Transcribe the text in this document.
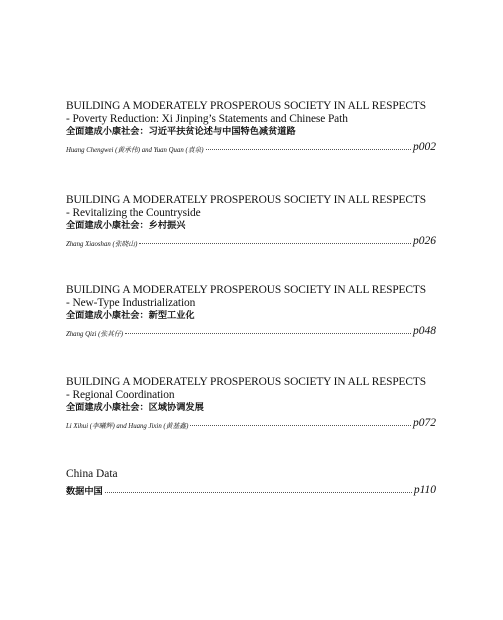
BUILDING A MODERATELY PROSPEROUS SOCIETY IN ALL RESPECTS
- Poverty Reduction: Xi Jinping’s Statements and Chinese Path
全面建成小康社会：习近平扶贫论述与中国特色减贫道路
Huang Chengwei (黄承伟) and Yuan Quan (袁泉)	p002
BUILDING A MODERATELY PROSPEROUS SOCIETY IN ALL RESPECTS
- Revitalizing the Countryside
全面建成小康社会：乡村振兴
Zhang Xiaoshan (张晓山)	p026
BUILDING A MODERATELY PROSPEROUS SOCIETY IN ALL RESPECTS
- New-Type Industrialization
全面建成小康社会：新型工业化
Zhang Qizi (张其仔)	p048
BUILDING A MODERATELY PROSPEROUS SOCIETY IN ALL RESPECTS
- Regional Coordination
全面建成小康社会：区域协调发展
Li Xihui (李曦辉) and Huang Jixin (黄基鑫)	p072
China Data
数据中国	p110
